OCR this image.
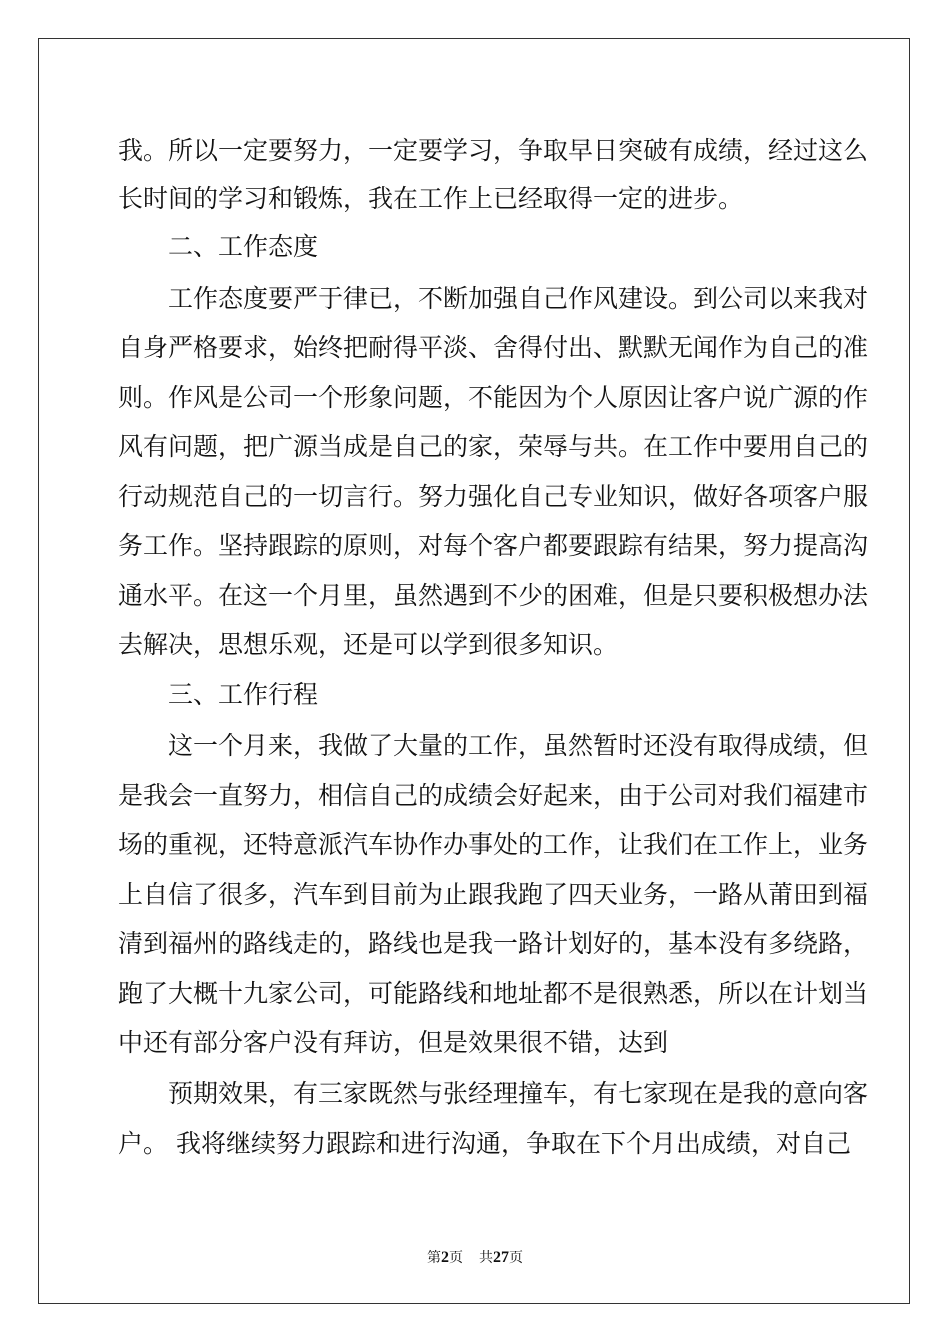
我。所以一定要努力，一定要学习，争取早日突破有成绩，经过这么

长时间的学习和锻炼，我在工作上已经取得一定的进步。

二、工作态度

工作态度要严于律已，不断加强自己作风建设。到公司以来我对

自身严格要求，始终把耐得平淡、舍得付出、默默无闻作为自己的准

则。作风是公司一个形象问题，不能因为个人原因让客户说广源的作

风有问题，把广源当成是自己的家，荣辱与共。在工作中要用自己的

行动规范自己的一切言行。努力强化自己专业知识，做好各项客户服

务工作。坚持跟踪的原则，对每个客户都要跟踪有结果，努力提高沟

通水平。在这一个月里，虽然遇到不少的困难，但是只要积极想办法

去解决，思想乐观，还是可以学到很多知识。

三、工作行程

这一个月来，我做了大量的工作，虽然暂时还没有取得成绩，但

是我会一直努力，相信自己的成绩会好起来，由于公司对我们福建市

场的重视，还特意派汽车协作办事处的工作，让我们在工作上，业务

上自信了很多，汽车到目前为止跟我跑了四天业务，一路从莆田到福

清到福州的路线走的，路线也是我一路计划好的，基本没有多绕路，

跑了大概十九家公司，可能路线和地址都不是很熟悉，所以在计划当

中还有部分客户没有拜访，但是效果很不错，达到

预期效果，有三家既然与张经理撞车，有七家现在是我的意向客

户。 我将继续努力跟踪和进行沟通，争取在下个月出成绩，对自己

第2页 共27页
